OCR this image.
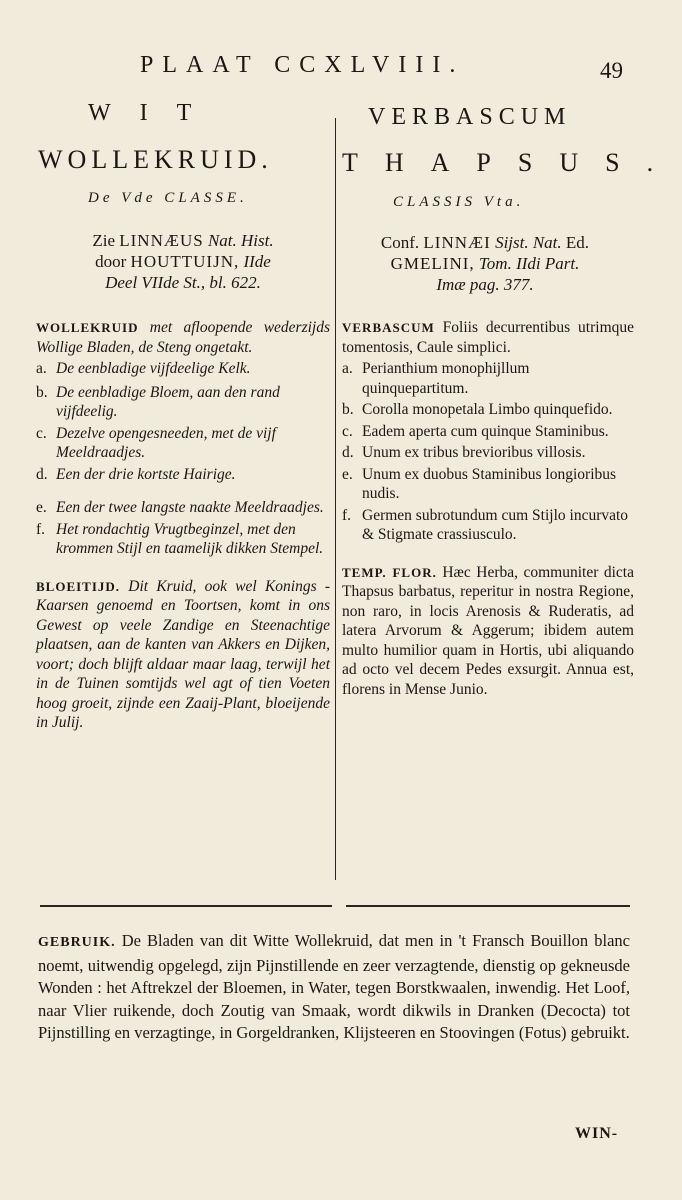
PLAAT CCXLVIII.	49
WIT
WOLLEKRUID.
VERBASCUM
THAPSUS.
De Vde CLASSE.	CLASSIS Vta.
Zie LINNÆUS Nat. Hist.
door HOUTTUIJN, IIde
Deel VIIde St., bl. 622.
Conf. LINNÆI Sijst. Nat. Ed.
GMELINI, Tom. IIdi Part.
Imæ pag. 377.
WOLLEKRUID met afloopende wederzijds Wollige Bladen, de Steng ongetakt.
a. De eenbladige vijfdeelige Kelk.
b. De eenbladige Bloem, aan den rand vijfdeelig.
c. Dezelve opengesneeden, met de vijf Meeldraadjes.
d. Een der drie kortste Hairige.
e. Een der twee langste naakte Meeldraadjes.
f. Het rondachtig Vrugtbeginzel, met den krommen Stijl en taamelijk dikken Stempel.
BLOEITIJD. Dit Kruid, ook wel Konings - Kaarsen genoemd en Toortsen, komt in ons Gewest op veele Zandige en Steenachtige plaatsen, aan de kanten van Akkers en Dijken, voort; doch blijft aldaar maar laag, terwijl het in de Tuinen somtijds wel agt of tien Voeten hoog groeit, zijnde een Zaaij-Plant, bloeijende in Julij.
VERBASCUM Foliis decurrentibus utrimque tomentosis, Caule simplici.
a. Perianthium monophijllum quinquepartitum.
b. Corolla monopetala Limbo quinquefido.
c. Eadem aperta cum quinque Staminibus.
d. Unum ex tribus brevioribus villosis.
e. Unum ex duobus Staminibus longioribus nudis.
f. Germen subrotundum cum Stijlo incurvato & Stigmate crassiusculo.
TEMP. FLOR. Hæc Herba, communiter dicta Thapsus barbatus, reperitur in nostra Regione, non raro, in locis Arenosis & Ruderatis, ad latera Arvorum & Aggerum; ibidem autem multo humilior quam in Hortis, ubi aliquando ad octo vel decem Pedes exsurgit. Annua est, florens in Mense Junio.
GEBRUIK. De Bladen van dit Witte Wollekruid, dat men in 't Fransch Bouillon blanc noemt, uitwendig opgelegd, zijn Pijnstillende en zeer verzagtende, dienstig op gekneusde Wonden : het Aftrekzel der Bloemen, in Water, tegen Borstkwaalen, inwendig. Het Loof, naar Vlier ruikende, doch Zoutig van Smaak, wordt dikwils in Dranken (Decocta) tot Pijnstilling en verzagtinge, in Gorgeldranken, Klijsteeren en Stoovingen (Fotus) gebruikt.
WIN-
